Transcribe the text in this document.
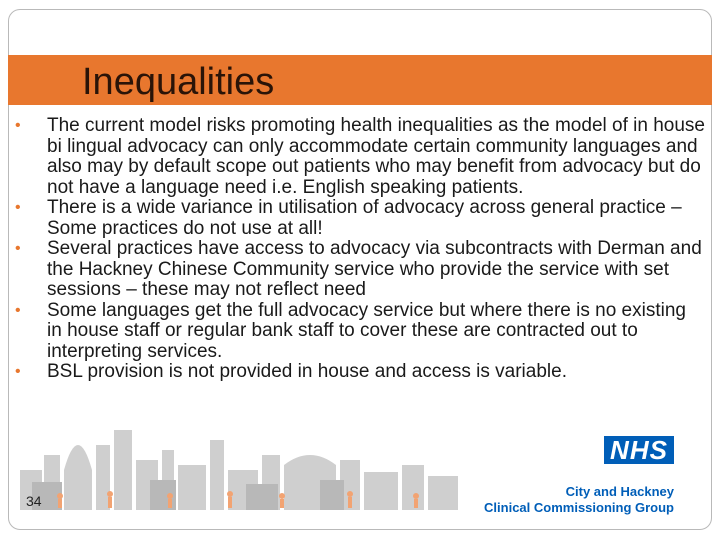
Inequalities
• The current model risks promoting health inequalities as the model of in house bi lingual advocacy can only accommodate certain community languages and also may by default scope out patients who may benefit from advocacy but do not have a language need i.e. English speaking patients.
• There is a wide variance in utilisation of advocacy across general practice – Some practices do not use at all!
• Several practices have access to advocacy via subcontracts with Derman and the Hackney Chinese Community service who provide the service with set sessions – these may not reflect need
• Some languages get the full advocacy service but where there is no existing in house staff or regular bank staff to cover these are contracted out to interpreting services.
• BSL provision is not provided in house and access is variable.
34
NHS
City and Hackney
Clinical Commissioning Group
